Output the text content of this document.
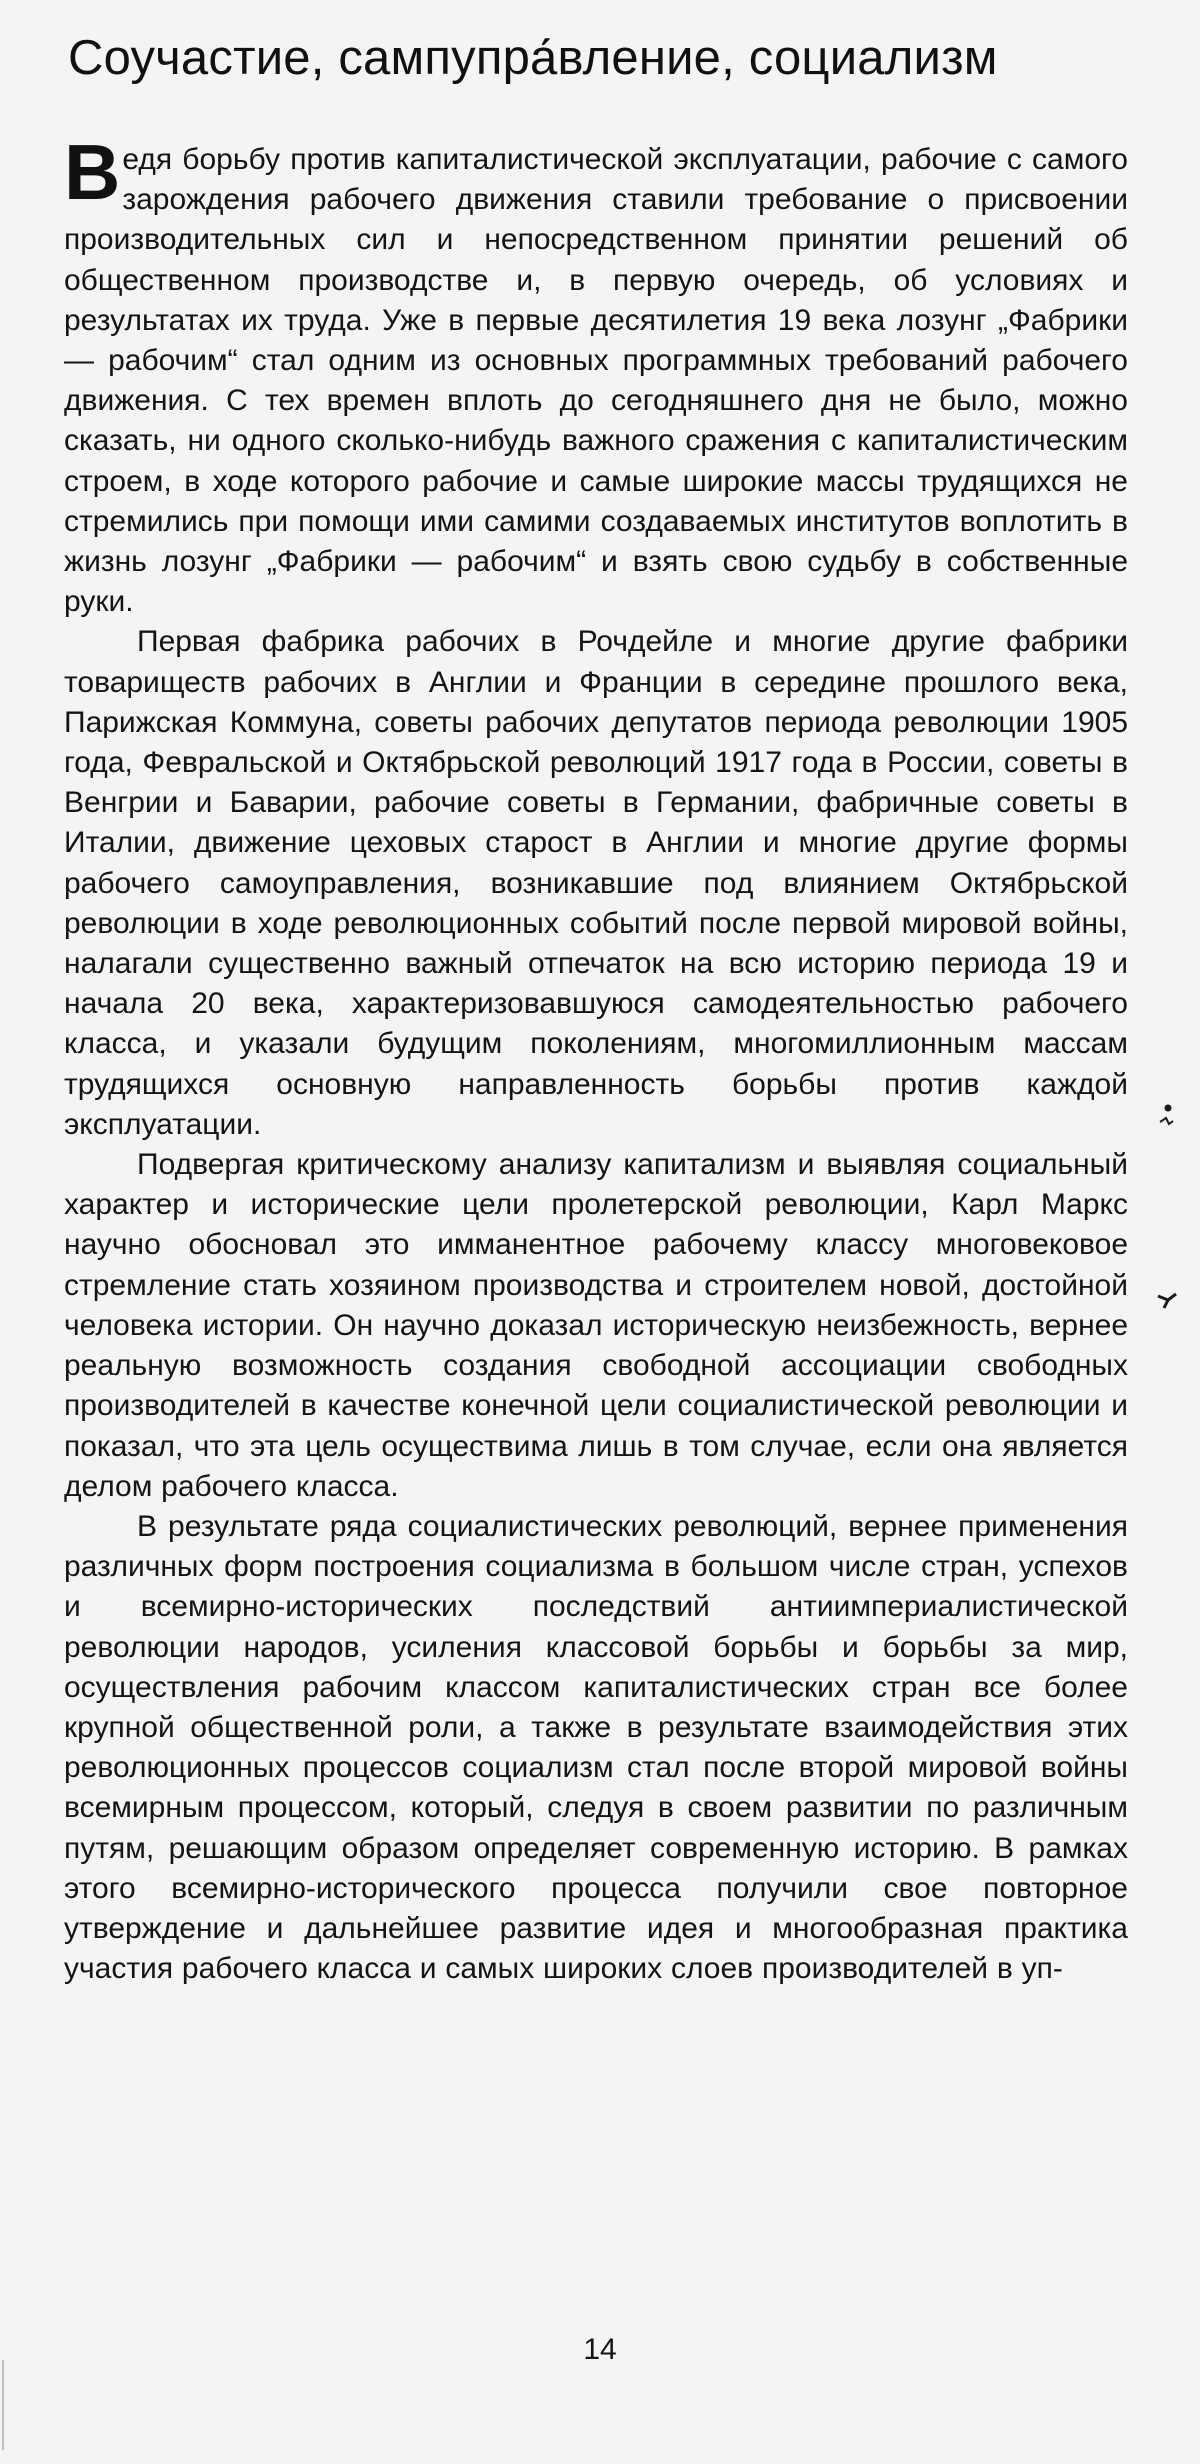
Соучастие, сампупра́вление, социализм

Ведя борьбу против капиталистической эксплуатации, рабочие с самого зарождения рабочего движения ставили требование о присвоении производительных сил и непосредственном принятии решений об общественном производстве и, в первую очередь, об условиях и результатах их труда. Уже в первые десятилетия 19 века лозунг „Фабрики — рабочим“ стал одним из основных программных требований рабочего движения. С тех времен вплоть до сегодняшнего дня не было, можно сказать, ни одного сколько-нибудь важного сражения с капиталистическим строем, в ходе которого рабочие и самые широкие массы трудящихся не стремились при помощи ими самими создаваемых институтов воплотить в жизнь лозунг „Фабрики — рабочим“ и взять свою судьбу в собственные руки.

Первая фабрика рабочих в Рочдейле и многие другие фабрики товариществ рабочих в Англии и Франции в середине прошлого века, Парижская Коммуна, советы рабочих депутатов периода революции 1905 года, Февральской и Октябрьской революций 1917 года в России, советы в Венгрии и Баварии, рабочие советы в Германии, фабричные советы в Италии, движение цеховых старост в Англии и многие другие формы рабочего самоуправления, возникавшие под влиянием Октябрьской революции в ходе революционных событий после первой мировой войны, налагали существенно важный отпечаток на всю историю периода 19 и начала 20 века, характеризовавшуюся самодеятельностью рабочего класса, и указали будущим поколениям, многомиллионным массам трудящихся основную направленность борьбы против каждой эксплуатации.

Подвергая критическому анализу капитализм и выявляя социальный характер и исторические цели пролетерской революции, Карл Маркс научно обосновал это имманентное рабочему классу многовековое стремление стать хозяином производства и строителем новой, достойной человека истории. Он научно доказал историческую неизбежность, вернее реальную возможность создания свободной ассоциации свободных производителей в качестве конечной цели социалистической революции и показал, что эта цель осуществима лишь в том случае, если она является делом рабочего класса.

В результате ряда социалистических революций, вернее применения различных форм построения социализма в большом числе стран, успехов и всемирно-исторических последствий антиимпериалистической революции народов, усиления классовой борьбы и борьбы за мир, осуществления рабочим классом капиталистических стран все более крупной общественной роли, а также в результате взаимодействия этих революционных процессов социализм стал после второй мировой войны всемирным процессом, который, следуя в своем развитии по различным путям, решающим образом определяет современную историю. В рамках этого всемирно-исторического процесса получили свое повторное утверждение и дальнейшее развитие идея и многообразная практика участия рабочего класса и самых широких слоев производителей в уп-

14
